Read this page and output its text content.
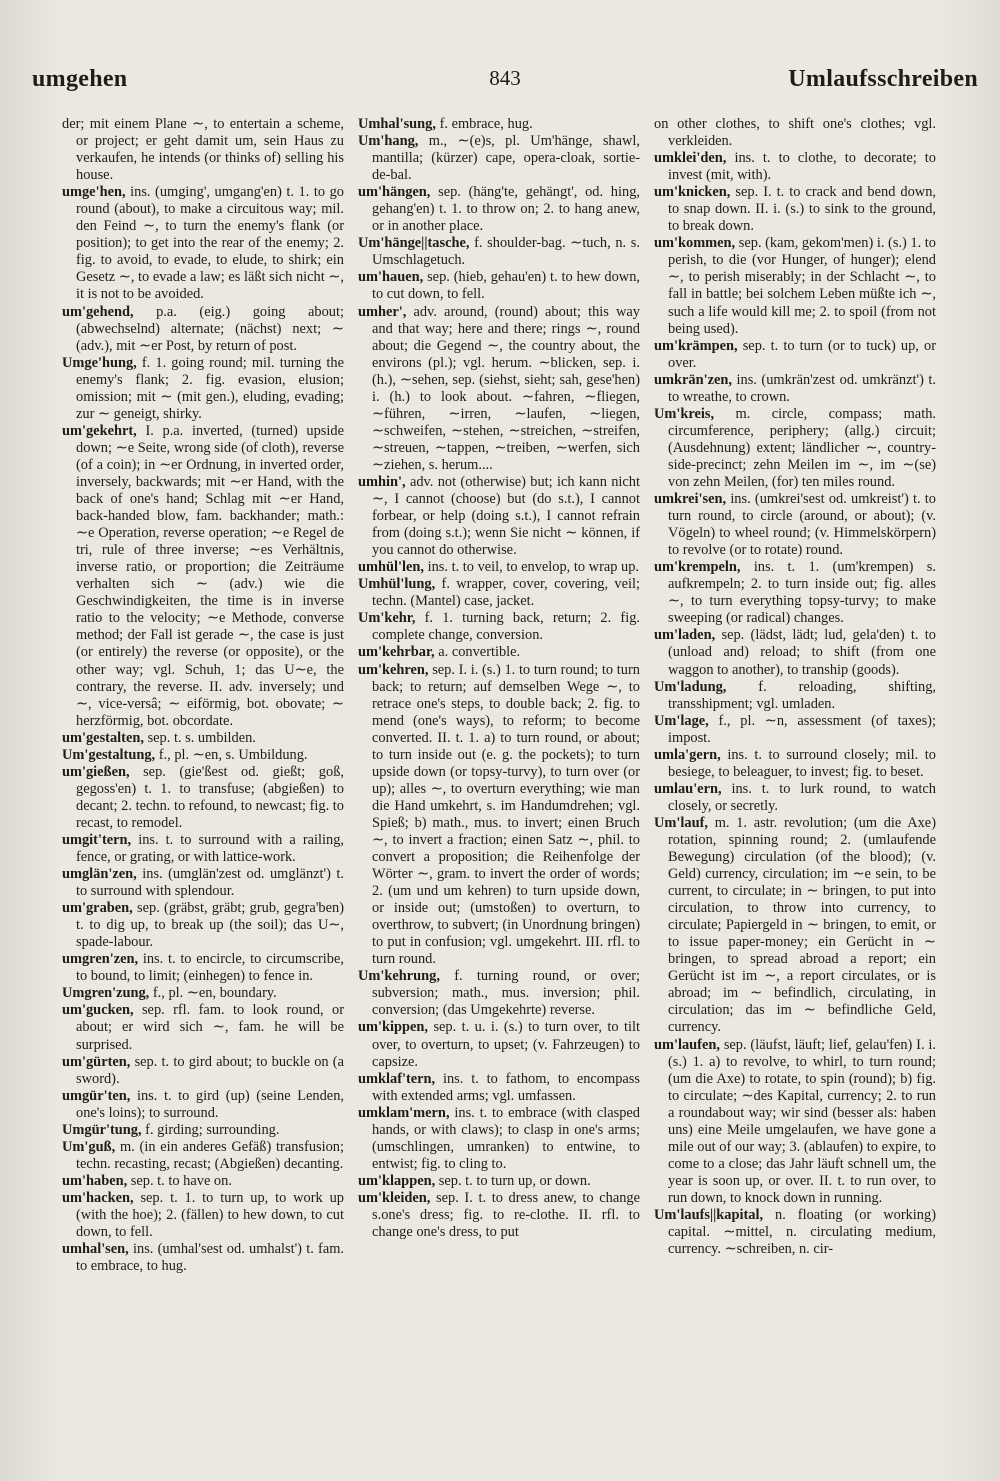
umgehen	843	Umlaufsschreiben

der; mit einem Plane ∼, to entertain a scheme, or project; er geht damit um, sein Haus zu verkaufen, he intends (or thinks of) selling his house.

umge'hen, ins. (umging', umgang'en) t. 1. to go round (about), to make a circuitous way; mil. den Feind ∼, to turn the enemy's flank (or position); to get into the rear of the enemy; 2. fig. to avoid, to evade, to elude, to shirk; ein Gesetz ∼, to evade a law; es läßt sich nicht ∼, it is not to be avoided.

um'gehend, p.a. (eig.) going about; (abwechselnd) alternate; (nächst) next; ∼ (adv.), mit ∼er Post, by return of post.

Umge'hung, f. 1. going round; mil. turning the enemy's flank; 2. fig. evasion, elusion; omission; mit ∼ (mit gen.), eluding, evading; zur ∼ geneigt, shirky.

um'gekehrt, I. p.a. inverted, (turned) upside down; ∼e Seite, wrong side (of cloth), reverse (of a coin); in ∼er Ordnung, in inverted order, inversely, backwards; mit ∼er Hand, with the back of one's hand; Schlag mit ∼er Hand, back-handed blow, fam. backhander; math.: ∼e Operation, reverse operation; ∼e Regel de tri, rule of three inverse; ∼es Verhältnis, inverse ratio, or proportion; die Zeiträume verhalten sich ∼ (adv.) wie die Geschwindigkeiten, the time is in inverse ratio to the velocity; ∼e Methode, converse method; der Fall ist gerade ∼, the case is just (or entirely) the reverse (or opposite), or the other way; vgl. Schuh, 1; das U∼e, the contrary, the reverse. II. adv. inversely; und ∼, vice-versâ; ∼ eiförmig, bot. obovate; ∼ herzförmig, bot. obcordate.

um'gestalten, sep. t. s. umbilden.

Um'gestaltung, f., pl. ∼en, s. Umbildung.

um'gießen, sep. (gie'ßest od. gießt; goß, gegoss'en) t. 1. to transfuse; (abgießen) to decant; 2. techn. to refound, to newcast; fig. to recast, to remodel.

umgit'tern, ins. t. to surround with a railing, fence, or grating, or with lattice-work.

umglän'zen, ins. (umglän'zest od. umglänzt') t. to surround with splendour.

um'graben, sep. (gräbst, gräbt; grub, gegra'ben) t. to dig up, to break up (the soil); das U∼, spade-labour.

umgren'zen, ins. t. to encircle, to circumscribe, to bound, to limit; (einhegen) to fence in.

Umgren'zung, f., pl. ∼en, boundary.

um'gucken, sep. rfl. fam. to look round, or about; er wird sich ∼, fam. he will be surprised.

um'gürten, sep. t. to gird about; to buckle on (a sword).

umgür'ten, ins. t. to gird (up) (seine Lenden, one's loins); to surround.

Umgür'tung, f. girding; surrounding.

Um'guß, m. (in ein anderes Gefäß) transfusion; techn. recasting, recast; (Abgießen) decanting.

um'haben, sep. t. to have on.

um'hacken, sep. t. 1. to turn up, to work up (with the hoe); 2. (fällen) to hew down, to cut down, to fell.

umhal'sen, ins. (umhal'sest od. umhalst') t. fam. to embrace, to hug.

Umhal'sung, f. embrace, hug.

Um'hang, m., ∼(e)s, pl. Um'hänge, shawl, mantilla; (kürzer) cape, opera-cloak, sortie-de-bal.

um'hängen, sep. (häng'te, gehängt', od. hing, gehang'en) t. 1. to throw on; 2. to hang anew, or in another place.

Um'hänge||tasche, f. shoulder-bag. ∼tuch, n. s. Umschlagetuch.

um'hauen, sep. (hieb, gehau'en) t. to hew down, to cut down, to fell.

umher', adv. around, (round) about; this way and that way; here and there; rings ∼, round about; die Gegend ∼, the country about, the environs (pl.); vgl. herum. ∼blicken, sep. i. (h.), ∼sehen, sep. (siehst, sieht; sah, gese'hen) i. (h.) to look about. ∼fahren, ∼fliegen, ∼führen, ∼irren, ∼laufen, ∼liegen, ∼schweifen, ∼stehen, ∼streichen, ∼streifen, ∼streuen, ∼tappen, ∼treiben, ∼werfen, sich ∼ziehen, s. herum....

umhin', adv. not (otherwise) but; ich kann nicht ∼, I cannot (choose) but (do s.t.), I cannot forbear, or help (doing s.t.), I cannot refrain from (doing s.t.); wenn Sie nicht ∼ können, if you cannot do otherwise.

umhül'len, ins. t. to veil, to envelop, to wrap up.

Umhül'lung, f. wrapper, cover, covering, veil; techn. (Mantel) case, jacket.

Um'kehr, f. 1. turning back, return; 2. fig. complete change, conversion.

um'kehrbar, a. convertible.

um'kehren, sep. I. i. (s.) 1. to turn round; to turn back; to return; auf demselben Wege ∼, to retrace one's steps, to double back; 2. fig. to mend (one's ways), to reform; to become converted. II. t. 1. a) to turn round, or about; to turn inside out (e. g. the pockets); to turn upside down (or topsy-turvy), to turn over (or up); alles ∼, to overturn everything; wie man die Hand umkehrt, s. im Handumdrehen; vgl. Spieß; b) math., mus. to invert; einen Bruch ∼, to invert a fraction; einen Satz ∼, phil. to convert a proposition; die Reihenfolge der Wörter ∼, gram. to invert the order of words; 2. (um und um kehren) to turn upside down, or inside out; (umstoßen) to overturn, to overthrow, to subvert; (in Unordnung bringen) to put in confusion; vgl. umgekehrt. III. rfl. to turn round.

Um'kehrung, f. turning round, or over; subversion; math., mus. inversion; phil. conversion; (das Umgekehrte) reverse.

um'kippen, sep. t. u. i. (s.) to turn over, to tilt over, to overturn, to upset; (v. Fahrzeugen) to capsize.

umklaf'tern, ins. t. to fathom, to encompass with extended arms; vgl. umfassen.

umklam'mern, ins. t. to embrace (with clasped hands, or with claws); to clasp in one's arms; (umschlingen, umranken) to entwine, to entwist; fig. to cling to.

um'klappen, sep. t. to turn up, or down.

um'kleiden, sep. I. t. to dress anew, to change s.one's dress; fig. to re-clothe. II. rfl. to change one's dress, to put

on other clothes, to shift one's clothes; vgl. verkleiden.

umklei'den, ins. t. to clothe, to decorate; to invest (mit, with).

um'knicken, sep. I. t. to crack and bend down, to snap down. II. i. (s.) to sink to the ground, to break down.

um'kommen, sep. (kam, gekom'men) i. (s.) 1. to perish, to die (vor Hunger, of hunger); elend ∼, to perish miserably; in der Schlacht ∼, to fall in battle; bei solchem Leben müßte ich ∼, such a life would kill me; 2. to spoil (from not being used).

um'krämpen, sep. t. to turn (or to tuck) up, or over.

umkrän'zen, ins. (umkrän'zest od. umkränzt') t. to wreathe, to crown.

Um'kreis, m. circle, compass; math. circumference, periphery; (allg.) circuit; (Ausdehnung) extent; ländlicher ∼, country-side-precinct; zehn Meilen im ∼, im ∼(se) von zehn Meilen, (for) ten miles round.

umkrei'sen, ins. (umkrei'sest od. umkreist') t. to turn round, to circle (around, or about); (v. Vögeln) to wheel round; (v. Himmelskörpern) to revolve (or to rotate) round.

um'krempeln, ins. t. 1. (um'krempen) s. aufkrempeln; 2. to turn inside out; fig. alles ∼, to turn everything topsy-turvy; to make sweeping (or radical) changes.

um'laden, sep. (lädst, lädt; lud, gela'den) t. to (unload and) reload; to shift (from one waggon to another), to tranship (goods).

Um'ladung, f. reloading, shifting, transshipment; vgl. umladen.

Um'lage, f., pl. ∼n, assessment (of taxes); impost.

umla'gern, ins. t. to surround closely; mil. to besiege, to beleaguer, to invest; fig. to beset.

umlau'ern, ins. t. to lurk round, to watch closely, or secretly.

Um'lauf, m. 1. astr. revolution; (um die Axe) rotation, spinning round; 2. (umlaufende Bewegung) circulation (of the blood); (v. Geld) currency, circulation; im ∼e sein, to be current, to circulate; in ∼ bringen, to put into circulation, to throw into currency, to circulate; Papiergeld in ∼ bringen, to emit, or to issue paper-money; ein Gerücht in ∼ bringen, to spread abroad a report; ein Gerücht ist im ∼, a report circulates, or is abroad; im ∼ befindlich, circulating, in circulation; das im ∼ befindliche Geld, currency.

um'laufen, sep. (läufst, läuft; lief, gelau'fen) I. i. (s.) 1. a) to revolve, to whirl, to turn round; (um die Axe) to rotate, to spin (round); b) fig. to circulate; ∼des Kapital, currency; 2. to run a roundabout way; wir sind (besser als: haben uns) eine Meile umgelaufen, we have gone a mile out of our way; 3. (ablaufen) to expire, to come to a close; das Jahr läuft schnell um, the year is soon up, or over. II. t. to run over, to run down, to knock down in running.

Um'laufs||kapital, n. floating (or working) capital. ∼mittel, n. circulating medium, currency. ∼schreiben, n. cir-
